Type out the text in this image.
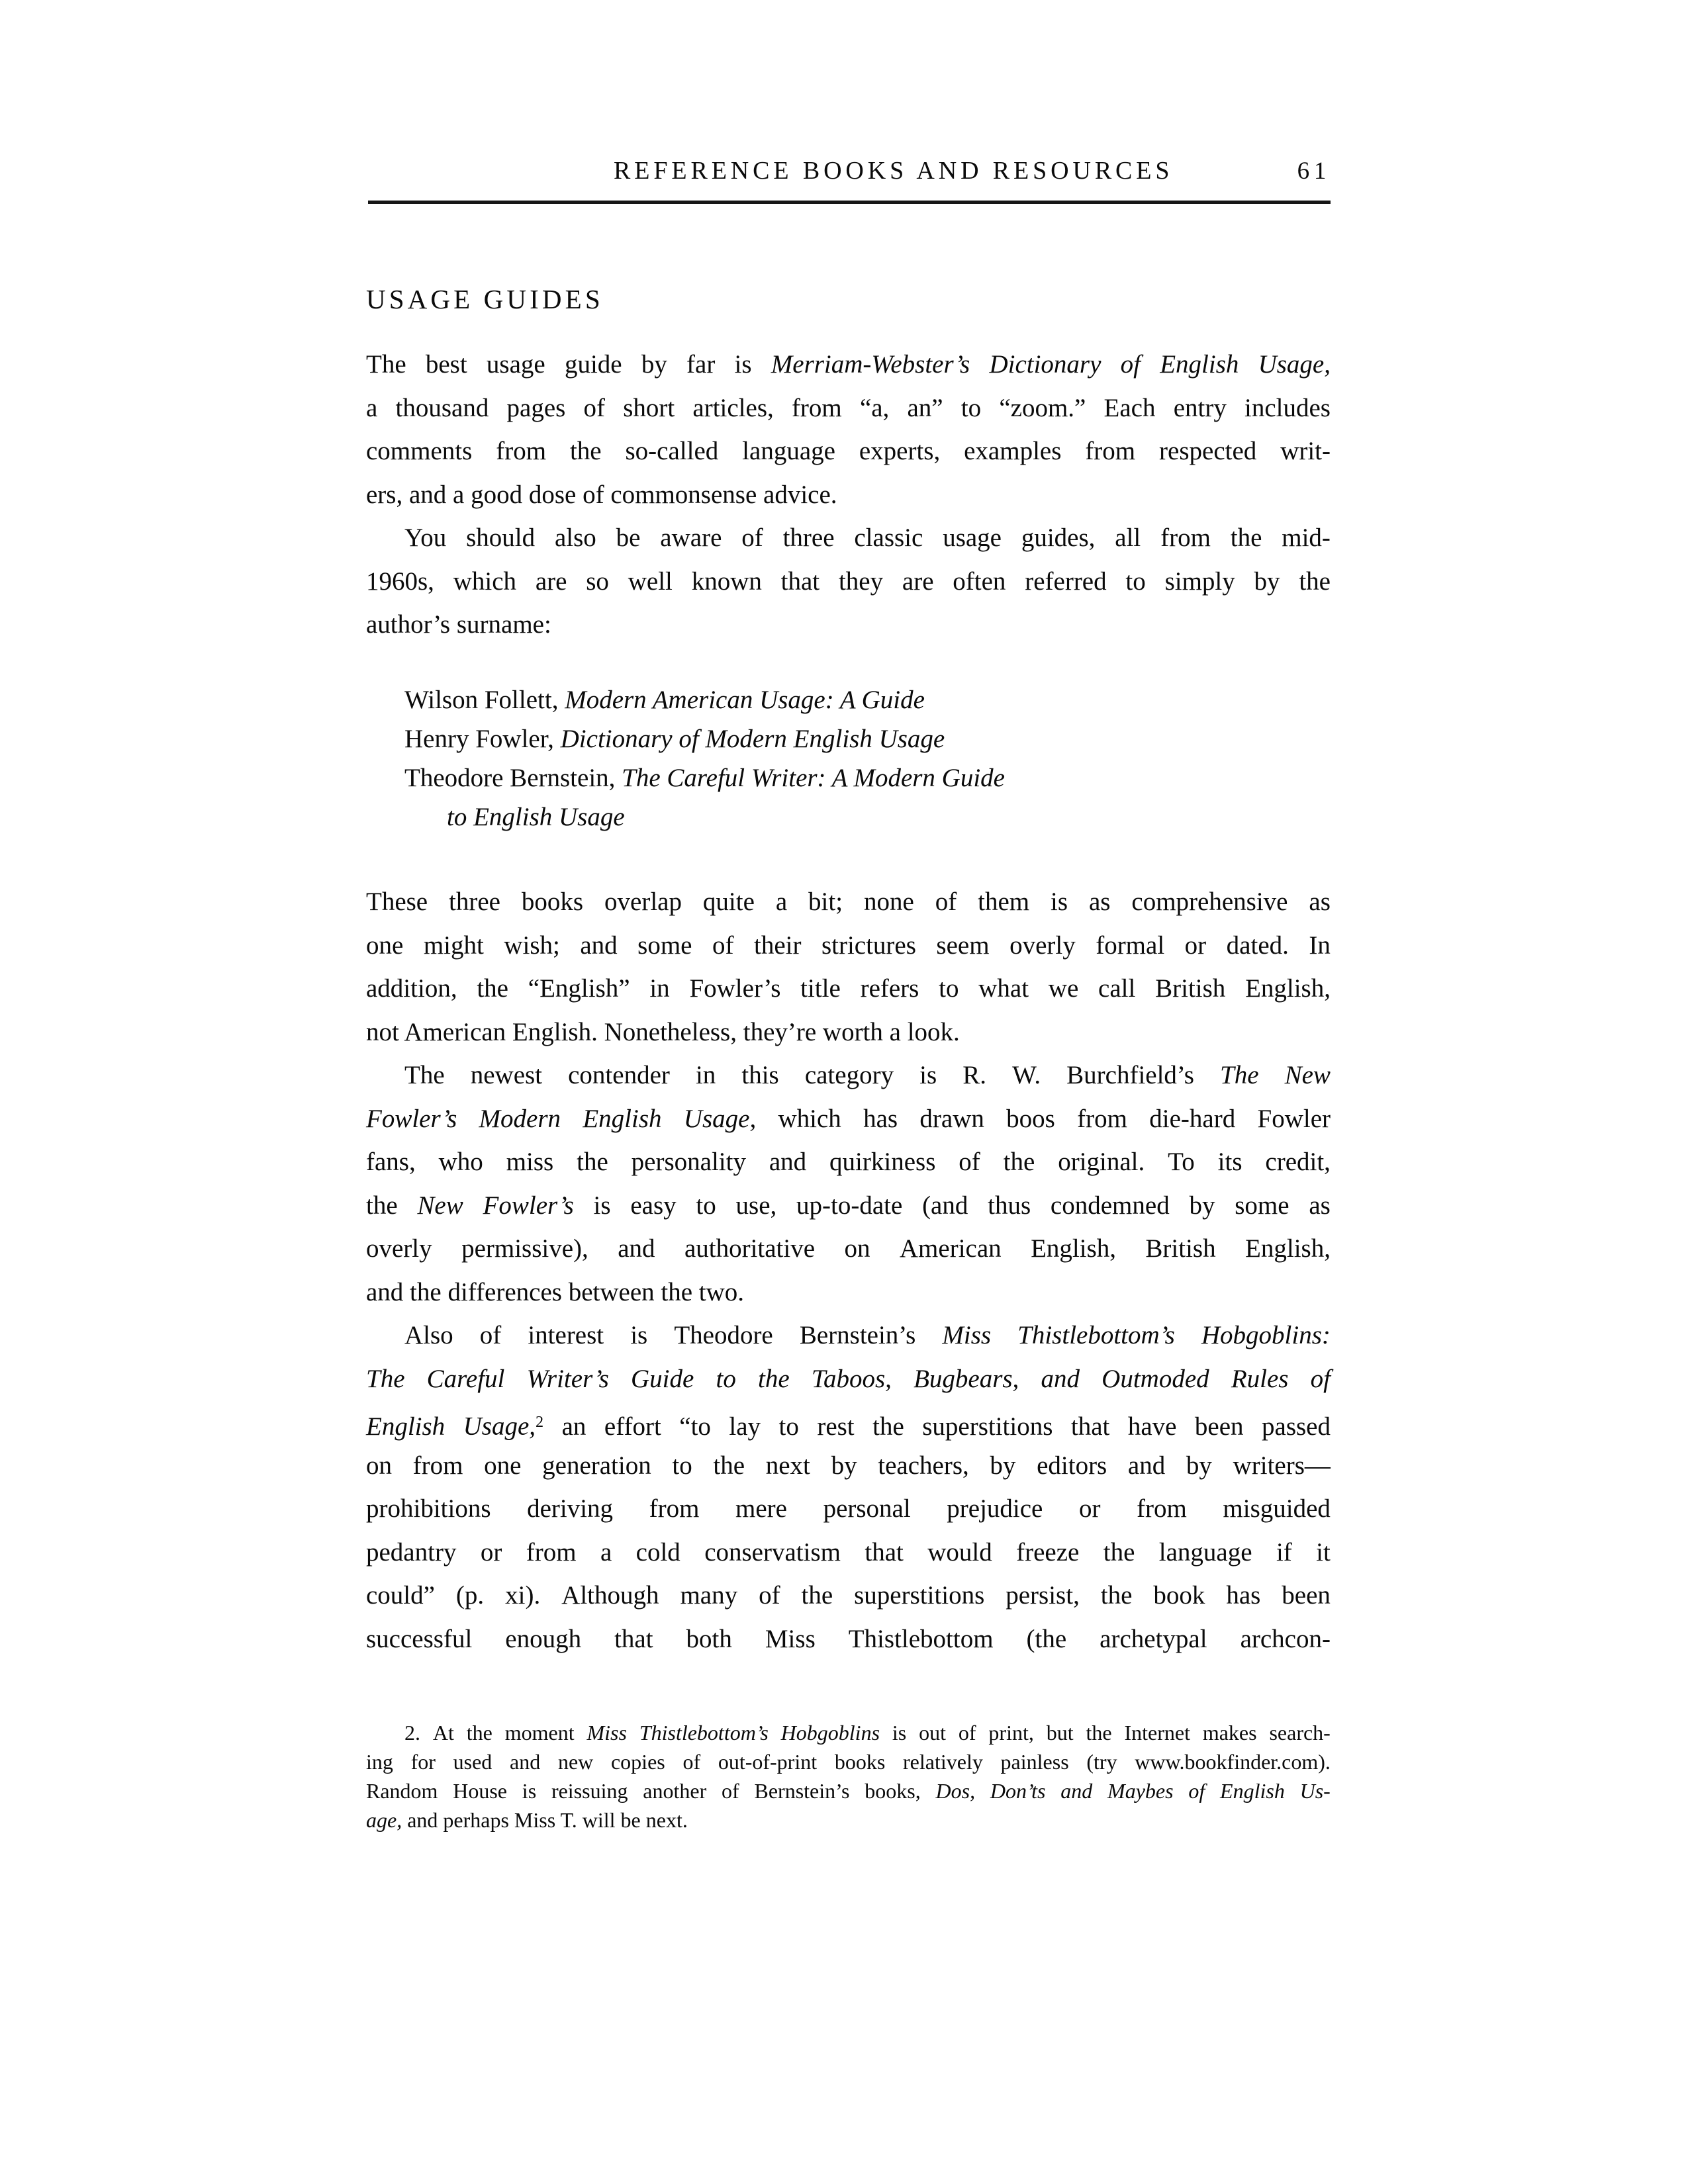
REFERENCE BOOKS AND RESOURCES	61
USAGE GUIDES
The best usage guide by far is Merriam-Webster’s Dictionary of English Usage,
a thousand pages of short articles, from “a, an” to “zoom.” Each entry includes
comments from the so-called language experts, examples from respected writ-
ers, and a good dose of commonsense advice.
You should also be aware of three classic usage guides, all from the mid-
1960s, which are so well known that they are often referred to simply by the
author’s surname:
Wilson Follett, Modern American Usage: A Guide
Henry Fowler, Dictionary of Modern English Usage
Theodore Bernstein, The Careful Writer: A Modern Guide
to English Usage
These three books overlap quite a bit; none of them is as comprehensive as
one might wish; and some of their strictures seem overly formal or dated. In
addition, the “English” in Fowler’s title refers to what we call British English,
not American English. Nonetheless, they’re worth a look.
The newest contender in this category is R. W. Burchfield’s The New
Fowler’s Modern English Usage, which has drawn boos from die-hard Fowler
fans, who miss the personality and quirkiness of the original. To its credit,
the New Fowler’s is easy to use, up-to-date (and thus condemned by some as
overly permissive), and authoritative on American English, British English,
and the differences between the two.
Also of interest is Theodore Bernstein’s Miss Thistlebottom’s Hobgoblins:
The Careful Writer’s Guide to the Taboos, Bugbears, and Outmoded Rules of
English Usage,$^2$ an effort “to lay to rest the superstitions that have been passed
on from one generation to the next by teachers, by editors and by writers—
prohibitions deriving from mere personal prejudice or from misguided
pedantry or from a cold conservatism that would freeze the language if it
could” (p. xi). Although many of the superstitions persist, the book has been
successful enough that both Miss Thistlebottom (the archetypal archcon-
2. At the moment Miss Thistlebottom’s Hobgoblins is out of print, but the Internet makes search-
ing for used and new copies of out-of-print books relatively painless (try www.bookfinder.com).
Random House is reissuing another of Bernstein’s books, Dos, Don’ts and Maybes of English Us-
age, and perhaps Miss T. will be next.
